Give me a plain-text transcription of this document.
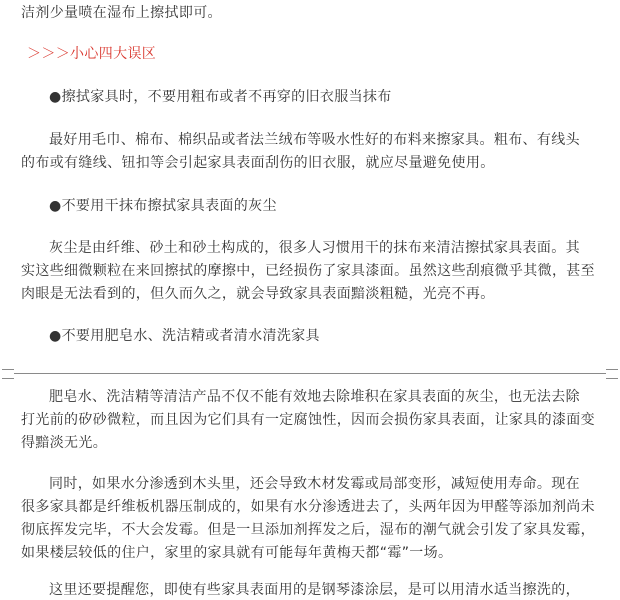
洁剂少量喷在湿布上擦拭即可。
＞＞＞小心四大误区
●擦拭家具时，不要用粗布或者不再穿的旧衣服当抹布
最好用毛巾、棉布、棉织品或者法兰绒布等吸水性好的布料来擦家具。粗布、有线头
的布或有缝线、钮扣等会引起家具表面刮伤的旧衣服，就应尽量避免使用。
●不要用干抹布擦拭家具表面的灰尘
灰尘是由纤维、砂土和砂土构成的，很多人习惯用干的抹布来清洁擦拭家具表面。其
实这些细微颗粒在来回擦拭的摩擦中，已经损伤了家具漆面。虽然这些刮痕微乎其微，甚至
肉眼是无法看到的，但久而久之，就会导致家具表面黯淡粗糙，光亮不再。
●不要用肥皂水、洗洁精或者清水清洗家具
肥皂水、洗洁精等清洁产品不仅不能有效地去除堆积在家具表面的灰尘，也无法去除
打光前的矽砂微粒，而且因为它们具有一定腐蚀性，因而会损伤家具表面，让家具的漆面变
得黯淡无光。
同时，如果水分渗透到木头里，还会导致木材发霉或局部变形，减短使用寿命。现在
很多家具都是纤维板机器压制成的，如果有水分渗透进去了，头两年因为甲醛等添加剂尚未
彻底挥发完毕，不大会发霉。但是一旦添加剂挥发之后，湿布的潮气就会引发了家具发霉，
如果楼层较低的住户，家里的家具就有可能每年黄梅天都“霉”一场。
这里还要提醒您，即使有些家具表面用的是钢琴漆涂层，是可以用清水适当擦洗的，
